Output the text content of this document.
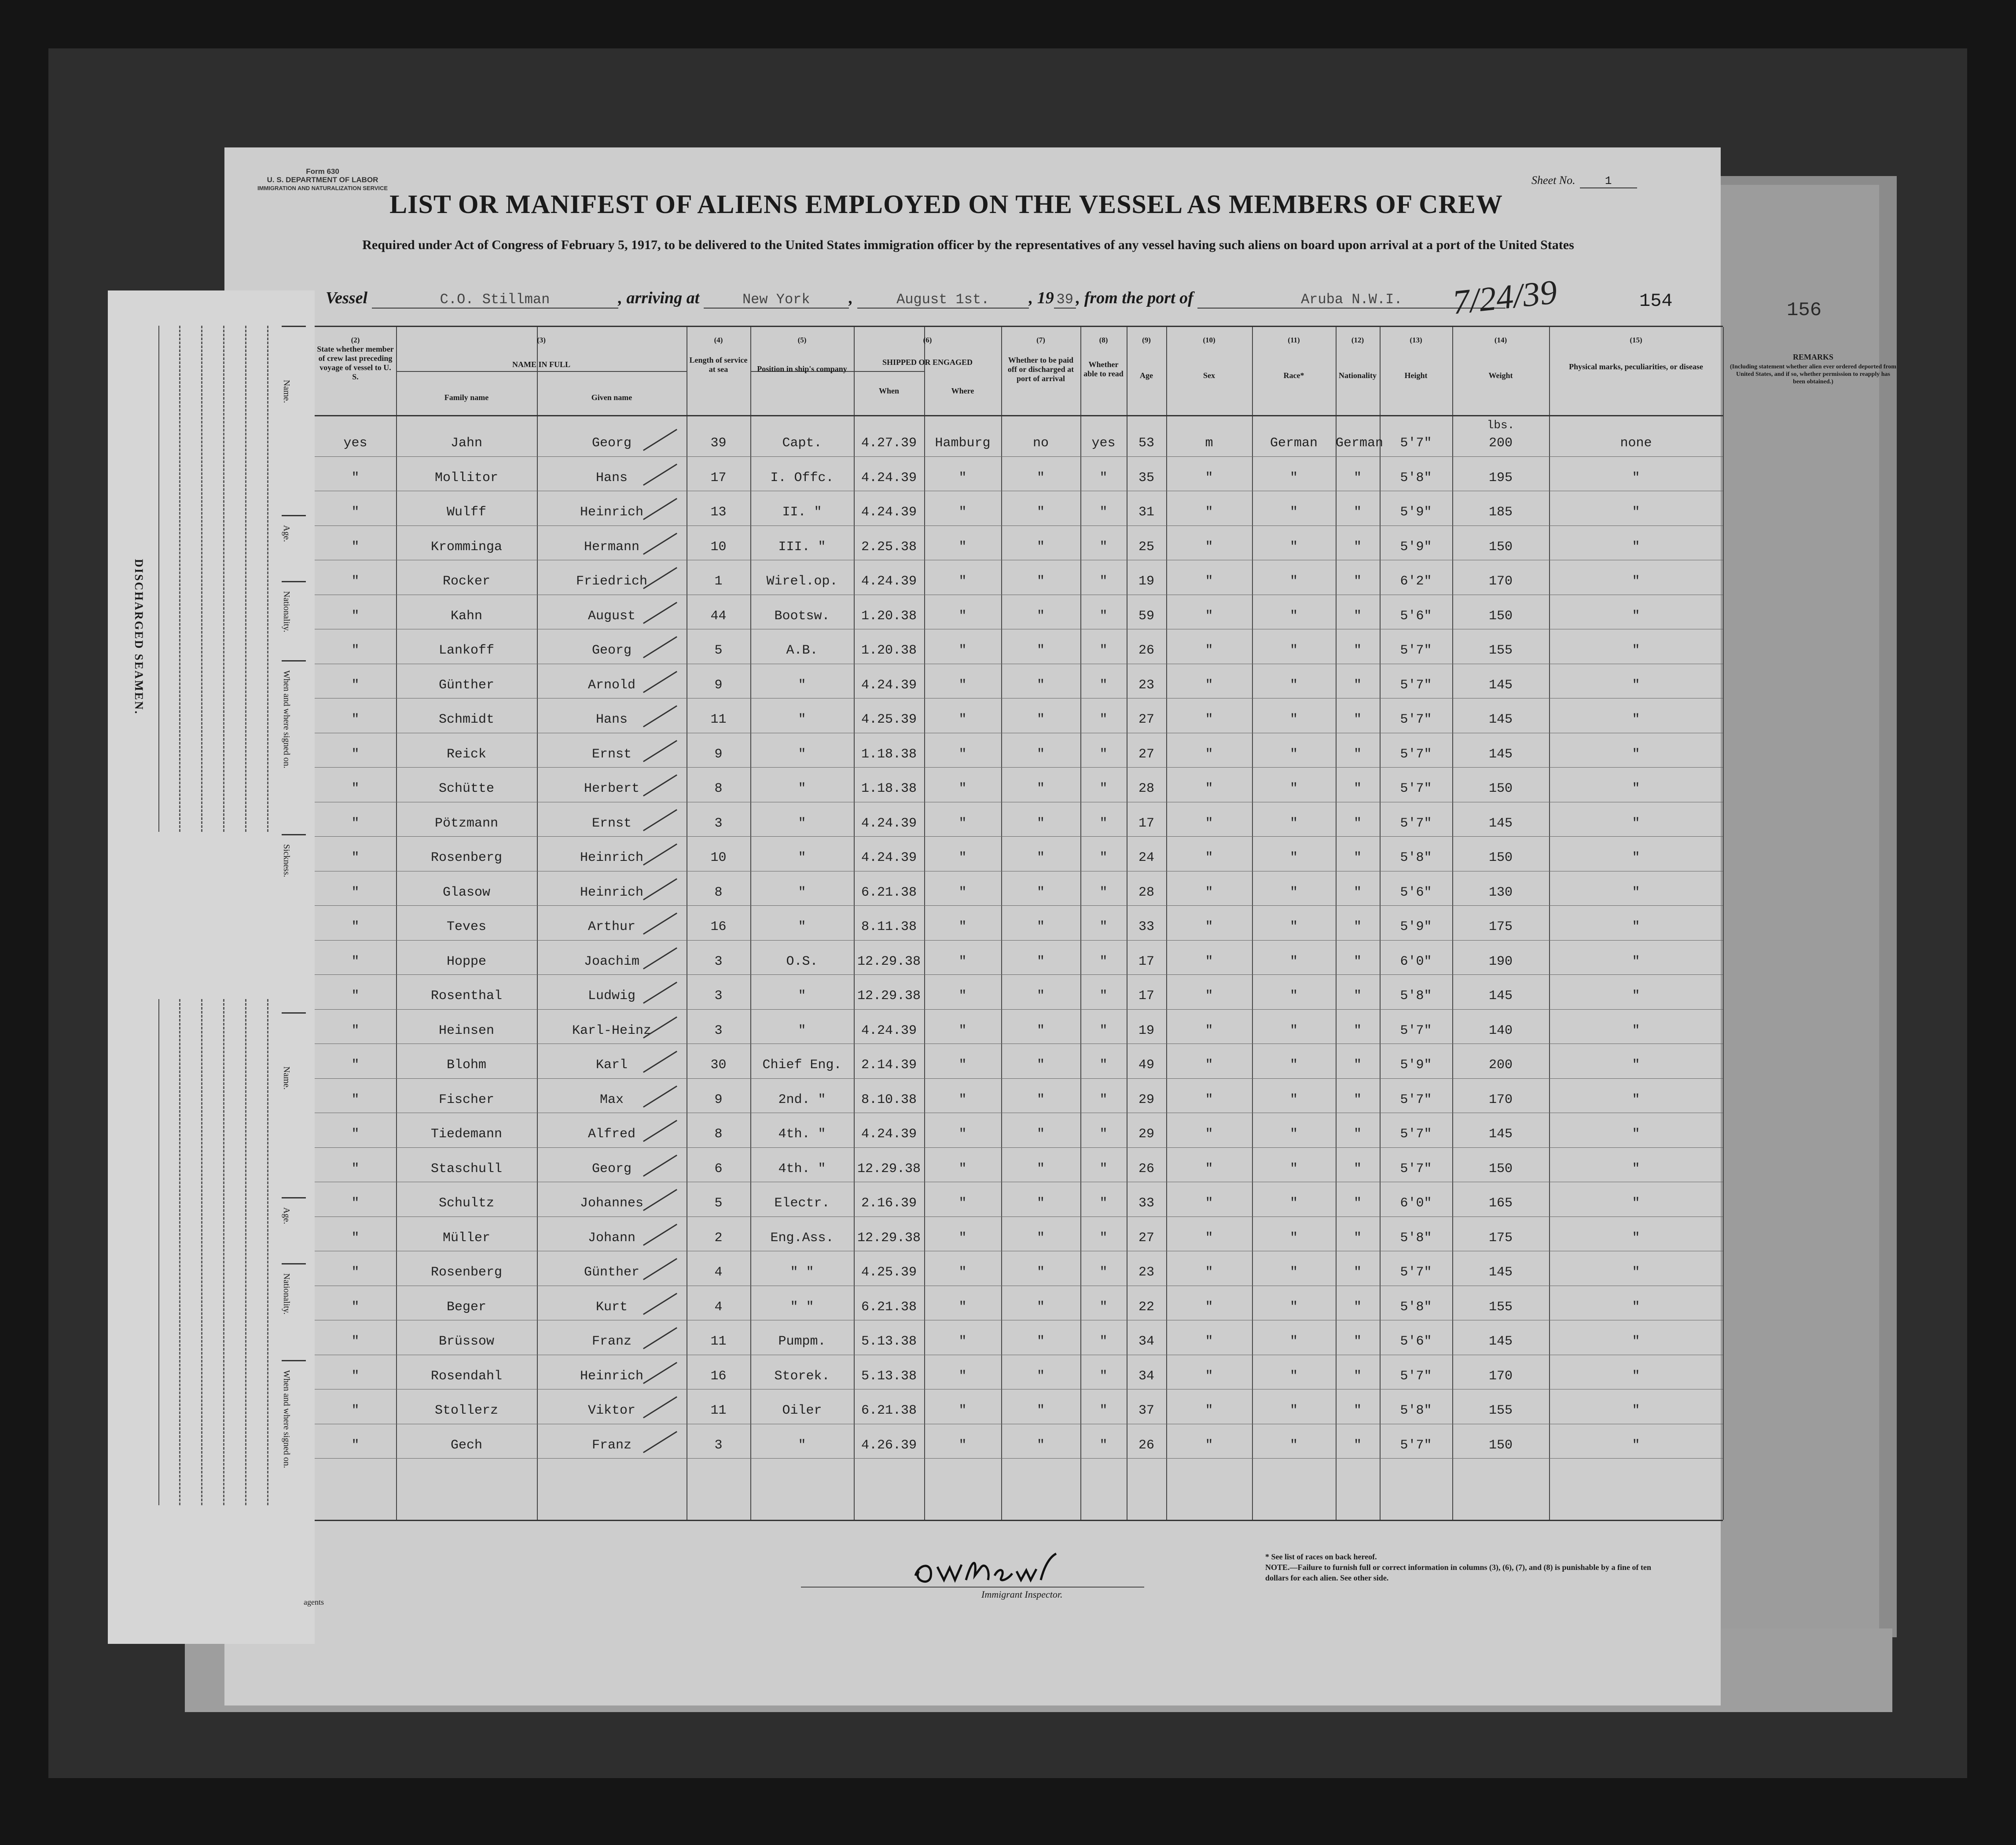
156
Form 630
U. S. DEPARTMENT OF LABOR
IMMIGRATION AND NATURALIZATION SERVICE
Sheet No.	1
LIST OR MANIFEST OF ALIENS EMPLOYED ON THE VESSEL AS MEMBERS OF CREW
Required under Act of Congress of February 5, 1917, to be delivered to the United States immigration officer by the representatives of any vessel having such aliens on board upon arrival at a port of the United States
Vessel	C.O. Stillman	, arriving at	New York ,	August 1st. , 19 39 , from the port of	Aruba N.W.I.	7/24/39	154
State whether member of crew last preceding voyage of vessel to U. S.
NAME IN FULL
Family name	Given name
Length of service at sea	Position in ship's company
SHIPPED OR ENGAGED
When	Where
Whether to be paid off or discharged at port of arrival
Whether able to read	Age	Sex	Race*	Nationality	Height	Weight
Physical marks, peculiarities, or disease
(2)	(3)	(4)	(5)	(6)	(7)	(8)	(9)	(10)	(11)	(12)	(13)	(14)	(15)
REMARKS
(Including statement whether alien ever ordered deported from United States, and if so, whether permission to reapply has been obtained.)
lbs.
yes	Jahn	Georg	39	Capt.	4.27.39	Hamburg	no	yes	53	m	German	German	5'7"	200	none
"	Mollitor	Hans	17	I. Offc.	4.24.39	"	"	"	35	"	"	"	5'8"	195	"
"	Wulff	Heinrich	13	II. "	4.24.39	"	"	"	31	"	"	"	5'9"	185	"
"	Kromminga	Hermann	10	III. "	2.25.38	"	"	"	25	"	"	"	5'9"	150	"
"	Rocker	Friedrich	1	Wirel.op.	4.24.39	"	"	"	19	"	"	"	6'2"	170	"
"	Kahn	August	44	Bootsw.	1.20.38	"	"	"	59	"	"	"	5'6"	150	"
"	Lankoff	Georg	5	A.B.	1.20.38	"	"	"	26	"	"	"	5'7"	155	"
"	Günther	Arnold	9	"	4.24.39	"	"	"	23	"	"	"	5'7"	145	"
"	Schmidt	Hans	11	"	4.25.39	"	"	"	27	"	"	"	5'7"	145	"
"	Reick	Ernst	9	"	1.18.38	"	"	"	27	"	"	"	5'7"	145	"
"	Schütte	Herbert	8	"	1.18.38	"	"	"	28	"	"	"	5'7"	150	"
"	Pötzmann	Ernst	3	"	4.24.39	"	"	"	17	"	"	"	5'7"	145	"
"	Rosenberg	Heinrich	10	"	4.24.39	"	"	"	24	"	"	"	5'8"	150	"
"	Glasow	Heinrich	8	"	6.21.38	"	"	"	28	"	"	"	5'6"	130	"
"	Teves	Arthur	16	"	8.11.38	"	"	"	33	"	"	"	5'9"	175	"
"	Hoppe	Joachim	3	O.S.	12.29.38	"	"	"	17	"	"	"	6'0"	190	"
"	Rosenthal	Ludwig	3	"	12.29.38	"	"	"	17	"	"	"	5'8"	145	"
"	Heinsen	Karl-Heinz	3	"	4.24.39	"	"	"	19	"	"	"	5'7"	140	"
"	Blohm	Karl	30	Chief Eng.	2.14.39	"	"	"	49	"	"	"	5'9"	200	"
"	Fischer	Max	9	2nd. "	8.10.38	"	"	"	29	"	"	"	5'7"	170	"
"	Tiedemann	Alfred	8	4th. "	4.24.39	"	"	"	29	"	"	"	5'7"	145	"
"	Staschull	Georg	6	4th. "	12.29.38	"	"	"	26	"	"	"	5'7"	150	"
"	Schultz	Johannes	5	Electr.	2.16.39	"	"	"	33	"	"	"	6'0"	165	"
"	Müller	Johann	2	Eng.Ass.	12.29.38	"	"	"	27	"	"	"	5'8"	175	"
"	Rosenberg	Günther	4	" "	4.25.39	"	"	"	23	"	"	"	5'7"	145	"
"	Beger	Kurt	4	" "	6.21.38	"	"	"	22	"	"	"	5'8"	155	"
"	Brüssow	Franz	11	Pumpm.	5.13.38	"	"	"	34	"	"	"	5'6"	145	"
"	Rosendahl	Heinrich	16	Storek.	5.13.38	"	"	"	34	"	"	"	5'7"	170	"
"	Stollerz	Viktor	11	Oiler	6.21.38	"	"	"	37	"	"	"	5'8"	155	"
"	Gech	Franz	3	"	4.26.39	"	"	"	26	"	"	"	5'7"	150	"
DISCHARGED SEAMEN.
Name.
Age.
Nationality.
When and where signed on.
Sickness.
Name.
Age.
Nationality.
When and where signed on.
agents
Immigrant Inspector.
* See list of races on back hereof.
NOTE.—Failure to furnish full or correct information in columns (3), (6), (7), and (8) is punishable by a fine of ten dollars for each alien. See other side.
